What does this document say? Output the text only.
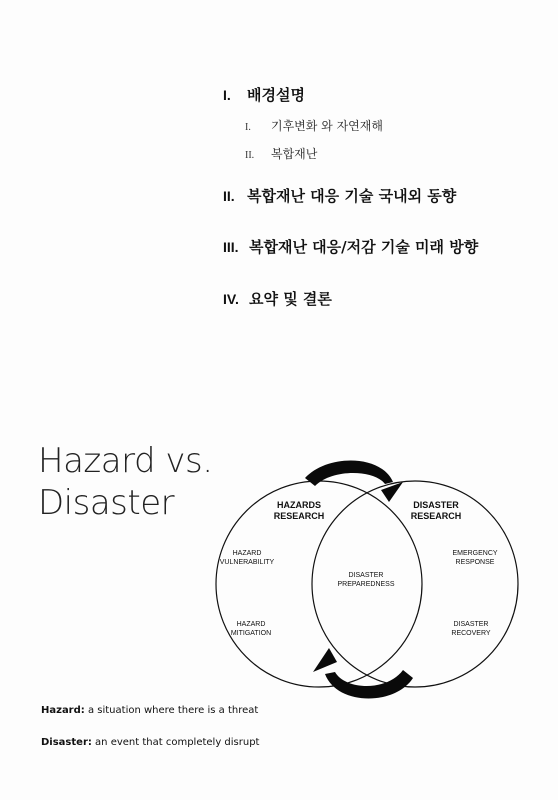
I.	배경설명
I.	기후변화 와 자연재해
II.	복합재난
II. 복합재난 대응 기술 국내외 동향
III. 복합재난 대응/저감 기술 미래 방향
IV. 요약 및 결론
Hazard vs.
Disaster	HAZARDS
RESEARCH
DISASTER
RESEARCH
HAZARD
VULNERABILITY
HAZARD
MITIGATION
DISASTER
PREPAREDNESS
EMERGENCY
RESPONSE
DISASTER
RECOVERY
Hazard: a situation where there is a threat
Disaster: an event that completely disrupt
